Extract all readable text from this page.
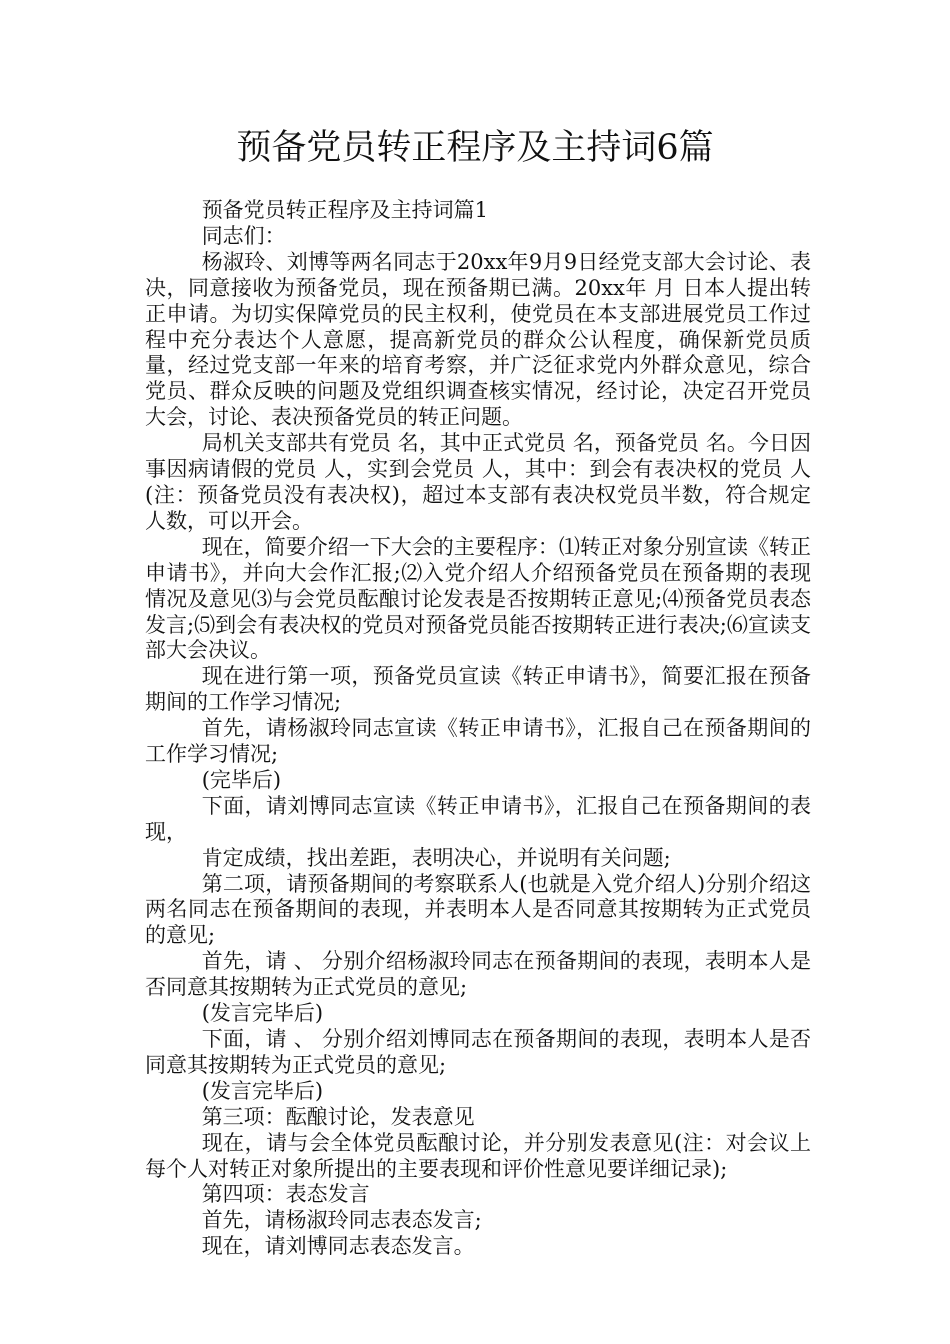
预备党员转正程序及主持词6篇

预备党员转正程序及主持词篇1

同志们：

杨淑玲、刘博等两名同志于20xx年9月9日经党支部大会讨论、表决，同意接收为预备党员，现在预备期已满。20xx年 月 日本人提出转正申请。为切实保障党员的民主权利，使党员在本支部进展党员工作过程中充分表达个人意愿，提高新党员的群众公认程度，确保新党员质量，经过党支部一年来的培育考察，并广泛征求党内外群众意见，综合党员、群众反映的问题及党组织调查核实情况，经讨论，决定召开党员大会，讨论、表决预备党员的转正问题。

局机关支部共有党员 名，其中正式党员 名，预备党员 名。今日因事因病请假的党员 人，实到会党员 人，其中：到会有表决权的党员 人(注：预备党员没有表决权)，超过本支部有表决权党员半数，符合规定人数，可以开会。

现在，简要介绍一下大会的主要程序：⑴转正对象分别宣读《转正申请书》，并向大会作汇报;⑵入党介绍人介绍预备党员在预备期的表现情况及意见⑶与会党员酝酿讨论发表是否按期转正意见;⑷预备党员表态发言;⑸到会有表决权的党员对预备党员能否按期转正进行表决;⑹宣读支部大会决议。

现在进行第一项，预备党员宣读《转正申请书》，简要汇报在预备期间的工作学习情况;

首先，请杨淑玲同志宣读《转正申请书》，汇报自己在预备期间的工作学习情况;

(完毕后)

下面，请刘博同志宣读《转正申请书》，汇报自己在预备期间的表现，

肯定成绩，找出差距，表明决心，并说明有关问题;

第二项，请预备期间的考察联系人(也就是入党介绍人)分别介绍这两名同志在预备期间的表现，并表明本人是否同意其按期转为正式党员的意见;

首先，请 、 分别介绍杨淑玲同志在预备期间的表现，表明本人是否同意其按期转为正式党员的意见;

(发言完毕后)

下面，请 、 分别介绍刘博同志在预备期间的表现，表明本人是否同意其按期转为正式党员的意见;

(发言完毕后)

第三项：酝酿讨论，发表意见

现在，请与会全体党员酝酿讨论，并分别发表意见(注：对会议上每个人对转正对象所提出的主要表现和评价性意见要详细记录);

第四项：表态发言

首先，请杨淑玲同志表态发言;

现在，请刘博同志表态发言。
